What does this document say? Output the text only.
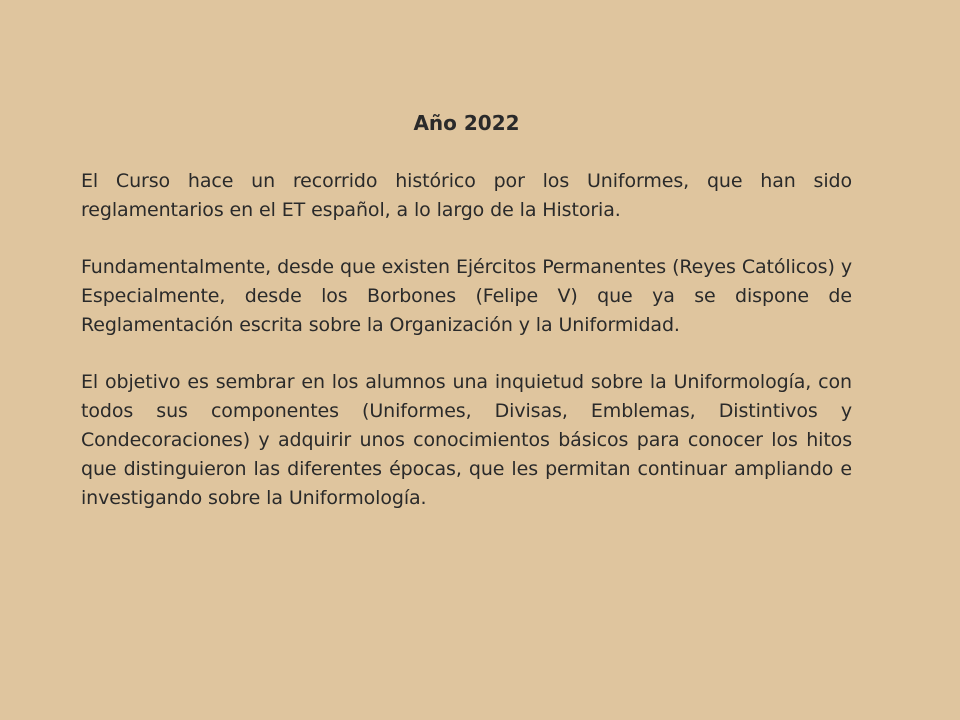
Año 2022

El Curso hace un recorrido histórico por los Uniformes, que han sido reglamentarios en el ET español, a lo largo de la Historia.

Fundamentalmente, desde que existen Ejércitos Permanentes (Reyes Católicos) y Especialmente, desde los Borbones (Felipe V) que ya se dispone de Reglamentación escrita sobre la Organización y la Uniformidad.

El objetivo es sembrar en los alumnos una inquietud sobre la Uniformología, con todos sus componentes (Uniformes, Divisas, Emblemas, Distintivos y Condecoraciones) y adquirir unos conocimientos básicos para conocer los hitos que distinguieron las diferentes épocas, que les permitan continuar ampliando e investigando sobre la Uniformología.
